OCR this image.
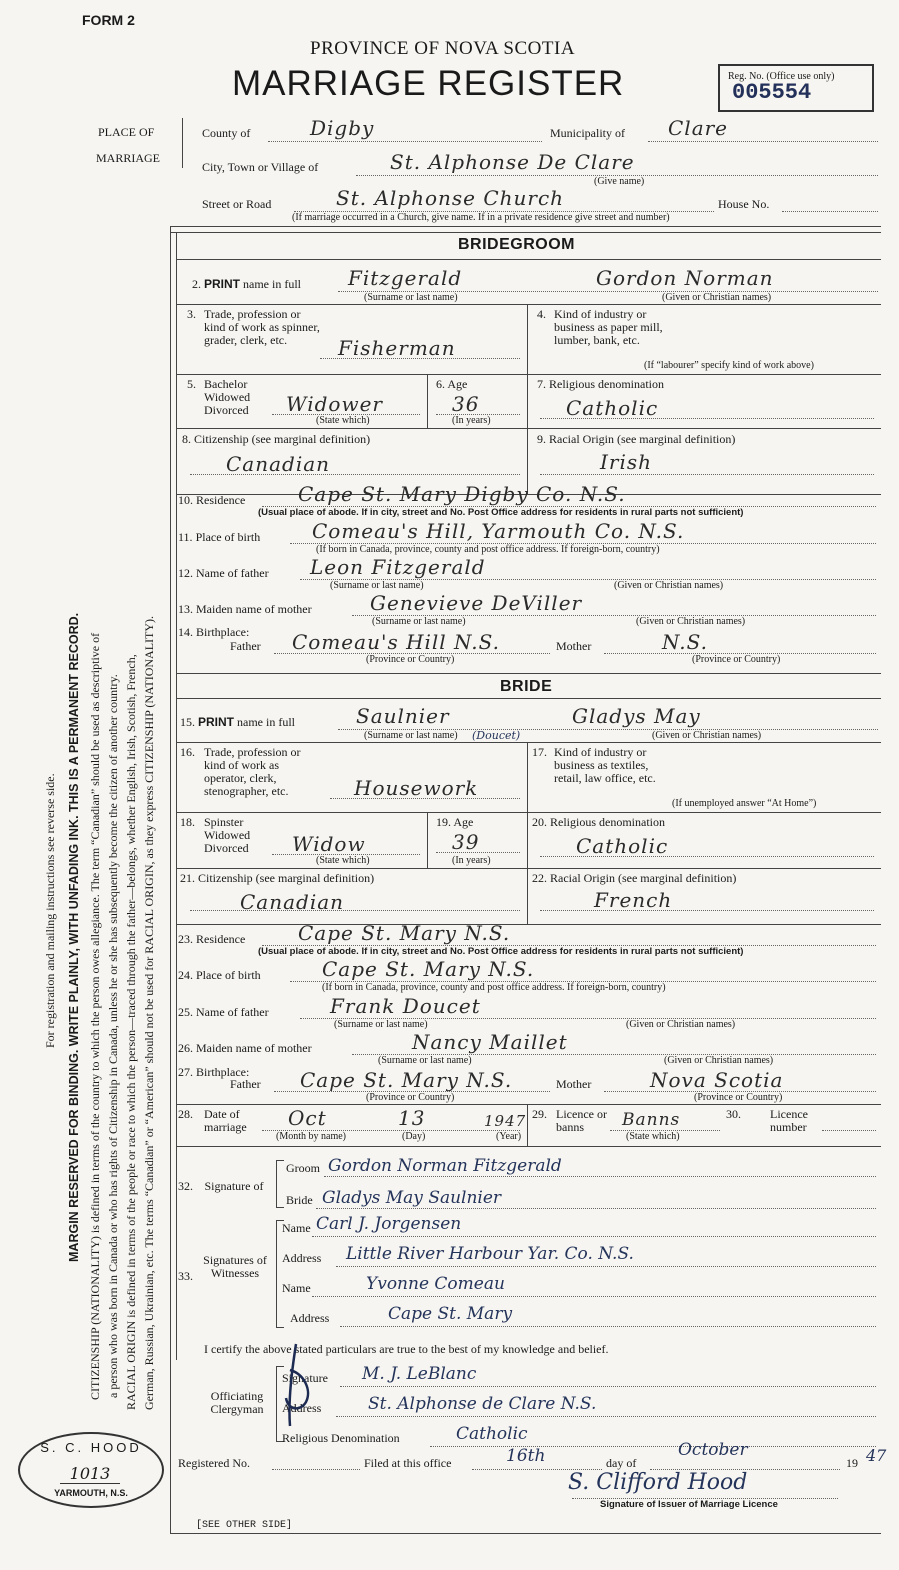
FORM 2
PROVINCE OF NOVA SCOTIA
MARRIAGE REGISTER	Reg. No. (Office use only)
005554
For registration and mailing instructions see reverse side. MARGIN RESERVED FOR BINDING. WRITE PLAINLY, WITH UNFADING INK. THIS IS A PERMANENT RECORD. CITIZENSHIP (NATIONALITY) is defined in terms of the country to which the person owes allegiance. The term “Canadian” should be used as descriptive of a person who was born in Canada or who has rights of Citizenship in Canada, unless he or she has subsequently become the citizen of another country. RACIAL ORIGIN is defined in terms of the people or race to which the person—traced through the father—belongs, whether English, Irish, Scotish, French, German, Russian, Ukrainian, etc. The terms “Canadian” or “American” should not be used for RACIAL ORIGIN, as they express CITIZENSHIP (NATIONALITY).
PLACE OF
MARRIAGE
County of	Digby	Municipality of Clare
City, Town or Village of	St. Alphonse De Clare
(Give name)
Street or Road	St. Alphonse Church	House No.
(If marriage occurred in a Church, give name. If in a private residence give street and number)
BRIDEGROOM
2. PRINT name in full Fitzgerald	Gordon Norman
(Surname or last name)	(Given or Christian names)
3. Trade, profession or kind of work as spinner, grader, clerk, etc.	Fisherman
4. Kind of industry or business as paper mill, lumber, bank, etc.
(If “labourer” specify kind of work above)
5. Bachelor Widowed Divorced	Widower
(State which)
6. Age
36
(In years)
7. Religious denomination
Catholic
8. Citizenship (see marginal definition)
Canadian
9. Racial Origin (see marginal definition)
Irish
10. Residence	Cape St. Mary Digby Co. N.S.
(Usual place of abode. If in city, street and No. Post Office address for residents in rural parts not sufficient)
11. Place of birth	Comeau's Hill, Yarmouth Co. N.S.
(If born in Canada, province, county and post office address. If foreign-born, country)
12. Name of father Leon Fitzgerald
(Surname or last name)	(Given or Christian names)
13. Maiden name of mother	Genevieve DeViller
(Surname or last name)	(Given or Christian names)
14. Birthplace:
Father Comeau's Hill N.S.
(Province or Country)
Mother	N.S.
(Province or Country)
BRIDE
15. PRINT name in full	Saulnier	Gladys May
(Surname or last name) (Doucet)	(Given or Christian names)
16. Trade, profession or kind of work as operator, clerk, stenographer, etc.	Housework
17. Kind of industry or business as textiles, retail, law office, etc.
(If unemployed answer “At Home”)
18. Spinster Widowed Divorced	Widow
(State which)
19. Age
39
(In years)
20. Religious denomination
Catholic
21. Citizenship (see marginal definition)
Canadian
22. Racial Origin (see marginal definition)
French
23. Residence	Cape St. Mary N.S.
(Usual place of abode. If in city, street and No. Post Office address for residents in rural parts not sufficient)
24. Place of birth	Cape St. Mary N.S.
(If born in Canada, province, county and post office address. If foreign-born, country)
25. Name of father	Frank Doucet
(Surname or last name)	(Given or Christian names)
26. Maiden name of mother	Nancy Maillet
(Surname or last name)	(Given or Christian names)
27. Birthplace:
Father Cape St. Mary N.S.
(Province or Country)
Mother	Nova Scotia
(Province or Country)
28. Date of marriage	Oct	13	1947
(Month by name)	(Day)	(Year)
29. Licence or banns	Banns
(State which)
30. Licence number
32. Signature of
Groom Gordon Norman Fitzgerald
Bride Gladys May Saulnier
33.
Signatures of Witnesses
Name Carl J. Jorgensen
Address Little River Harbour Yar. Co. N.S.
Name	Yvonne Comeau
Address	Cape St. Mary
I certify the above stated particulars are true to the best of my knowledge and belief.
Officiating Clergyman
Signature M. J. LeBlanc
Address	St. Alphonse de Clare N.S.
Religious Denomination	Catholic
Registered No.	Filed at this office	16th	day of
October
19 47
S. Clifford Hood
Signature of Issuer of Marriage Licence
[SEE OTHER SIDE]
S. C. HOOD
1013
YARMOUTH, N.S.
